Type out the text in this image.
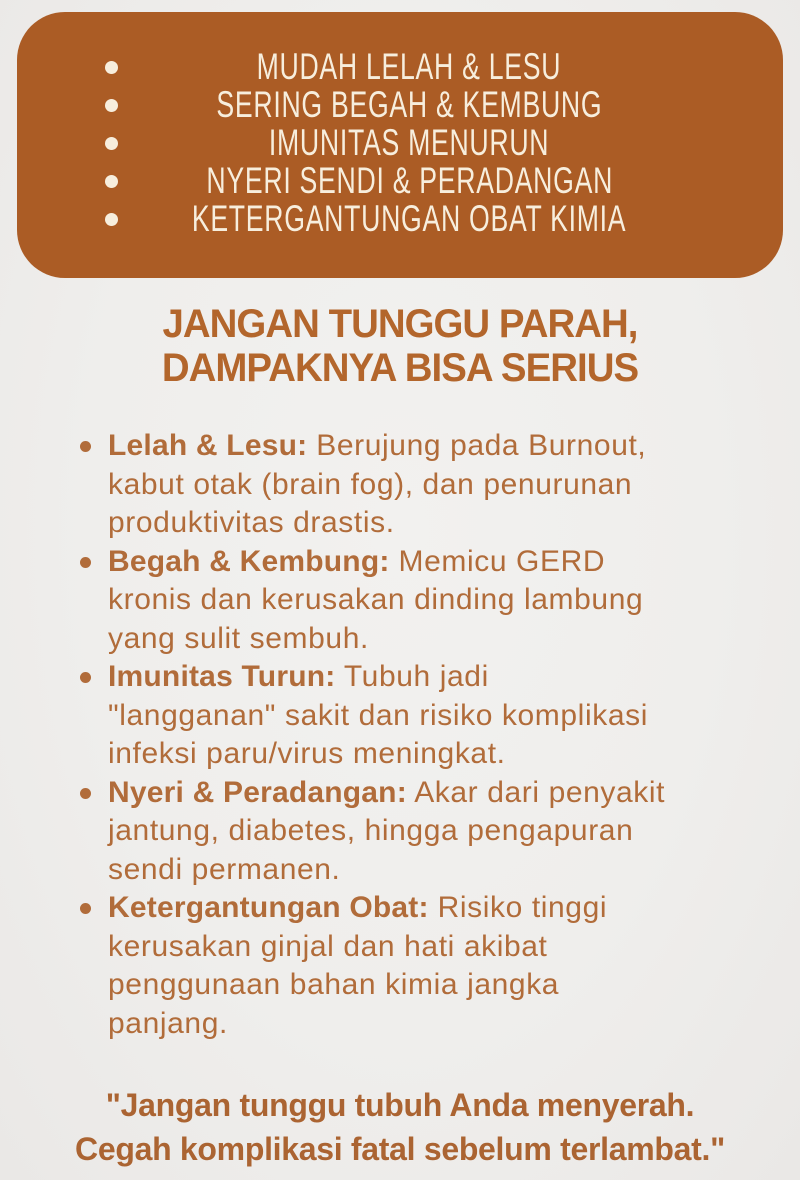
MUDAH LELAH & LESU
SERING BEGAH & KEMBUNG
IMUNITAS MENURUN
NYERI SENDI & PERADANGAN
KETERGANTUNGAN OBAT KIMIA
JANGAN TUNGGU PARAH,
DAMPAKNYA BISA SERIUS
Lelah & Lesu: Berujung pada Burnout,
kabut otak (brain fog), dan penurunan
produktivitas drastis.
Begah & Kembung: Memicu GERD
kronis dan kerusakan dinding lambung
yang sulit sembuh.
Imunitas Turun: Tubuh jadi
"langganan" sakit dan risiko komplikasi
infeksi paru/virus meningkat.
Nyeri & Peradangan: Akar dari penyakit
jantung, diabetes, hingga pengapuran
sendi permanen.
Ketergantungan Obat: Risiko tinggi
kerusakan ginjal dan hati akibat
penggunaan bahan kimia jangka
panjang.
"Jangan tunggu tubuh Anda menyerah.
Cegah komplikasi fatal sebelum terlambat."
